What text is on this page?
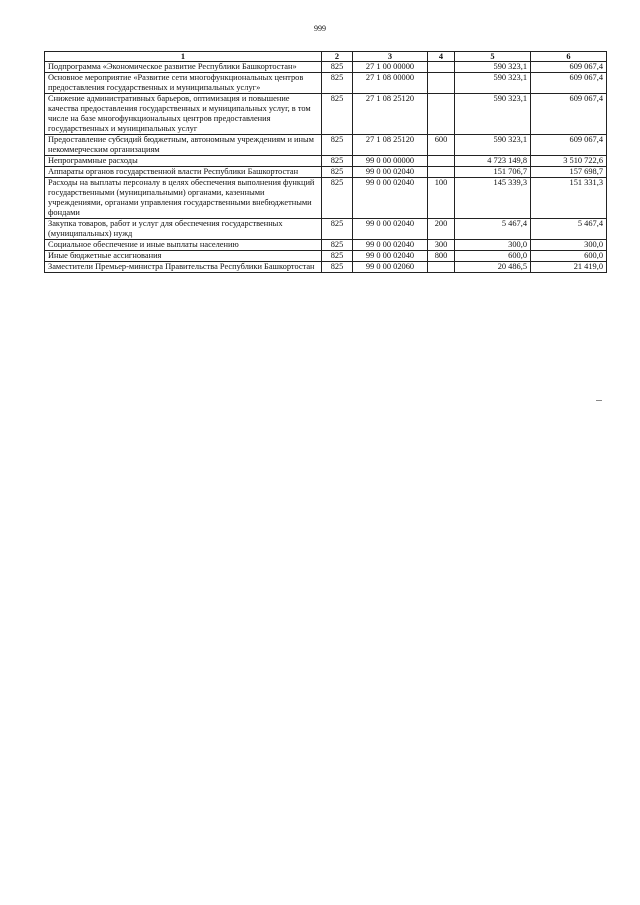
999
1	2	3	4	5	6
Подпрограмма «Экономическое развитие Республики Башкортостан»	825	27 1 00 00000		590 323,1	609 067,4
Основное мероприятие «Развитие сети многофункциональных центров предоставления государственных и муниципальных услуг»	825	27 1 08 00000		590 323,1	609 067,4
Снижение административных барьеров, оптимизация и повышение качества предоставления государственных и муниципальных услуг, в том числе на базе многофункциональных центров предоставления государственных и муниципальных услуг	825	27 1 08 25120		590 323,1	609 067,4
Предоставление субсидий бюджетным, автономным учреждениям и иным некоммерческим организациям	825	27 1 08 25120	600	590 323,1	609 067,4
Непрограммные расходы	825	99 0 00 00000		4 723 149,8	3 510 722,6
Аппараты органов государственной власти Республики Башкортостан	825	99 0 00 02040		151 706,7	157 698,7
Расходы на выплаты персоналу в целях обеспечения выполнения функций государственными (муниципальными) органами, казенными учреждениями, органами управления государственными внебюджетными фондами	825	99 0 00 02040	100	145 339,3	151 331,3
Закупка товаров, работ и услуг для обеспечения государственных (муниципальных) нужд	825	99 0 00 02040	200	5 467,4	5 467,4
Социальное обеспечение и иные выплаты населению	825	99 0 00 02040	300	300,0	300,0
Иные бюджетные ассигнования	825	99 0 00 02040	800	600,0	600,0
Заместители Премьер-министра Правительства Республики Башкортостан	825	99 0 00 02060		20 486,5	21 419,0
